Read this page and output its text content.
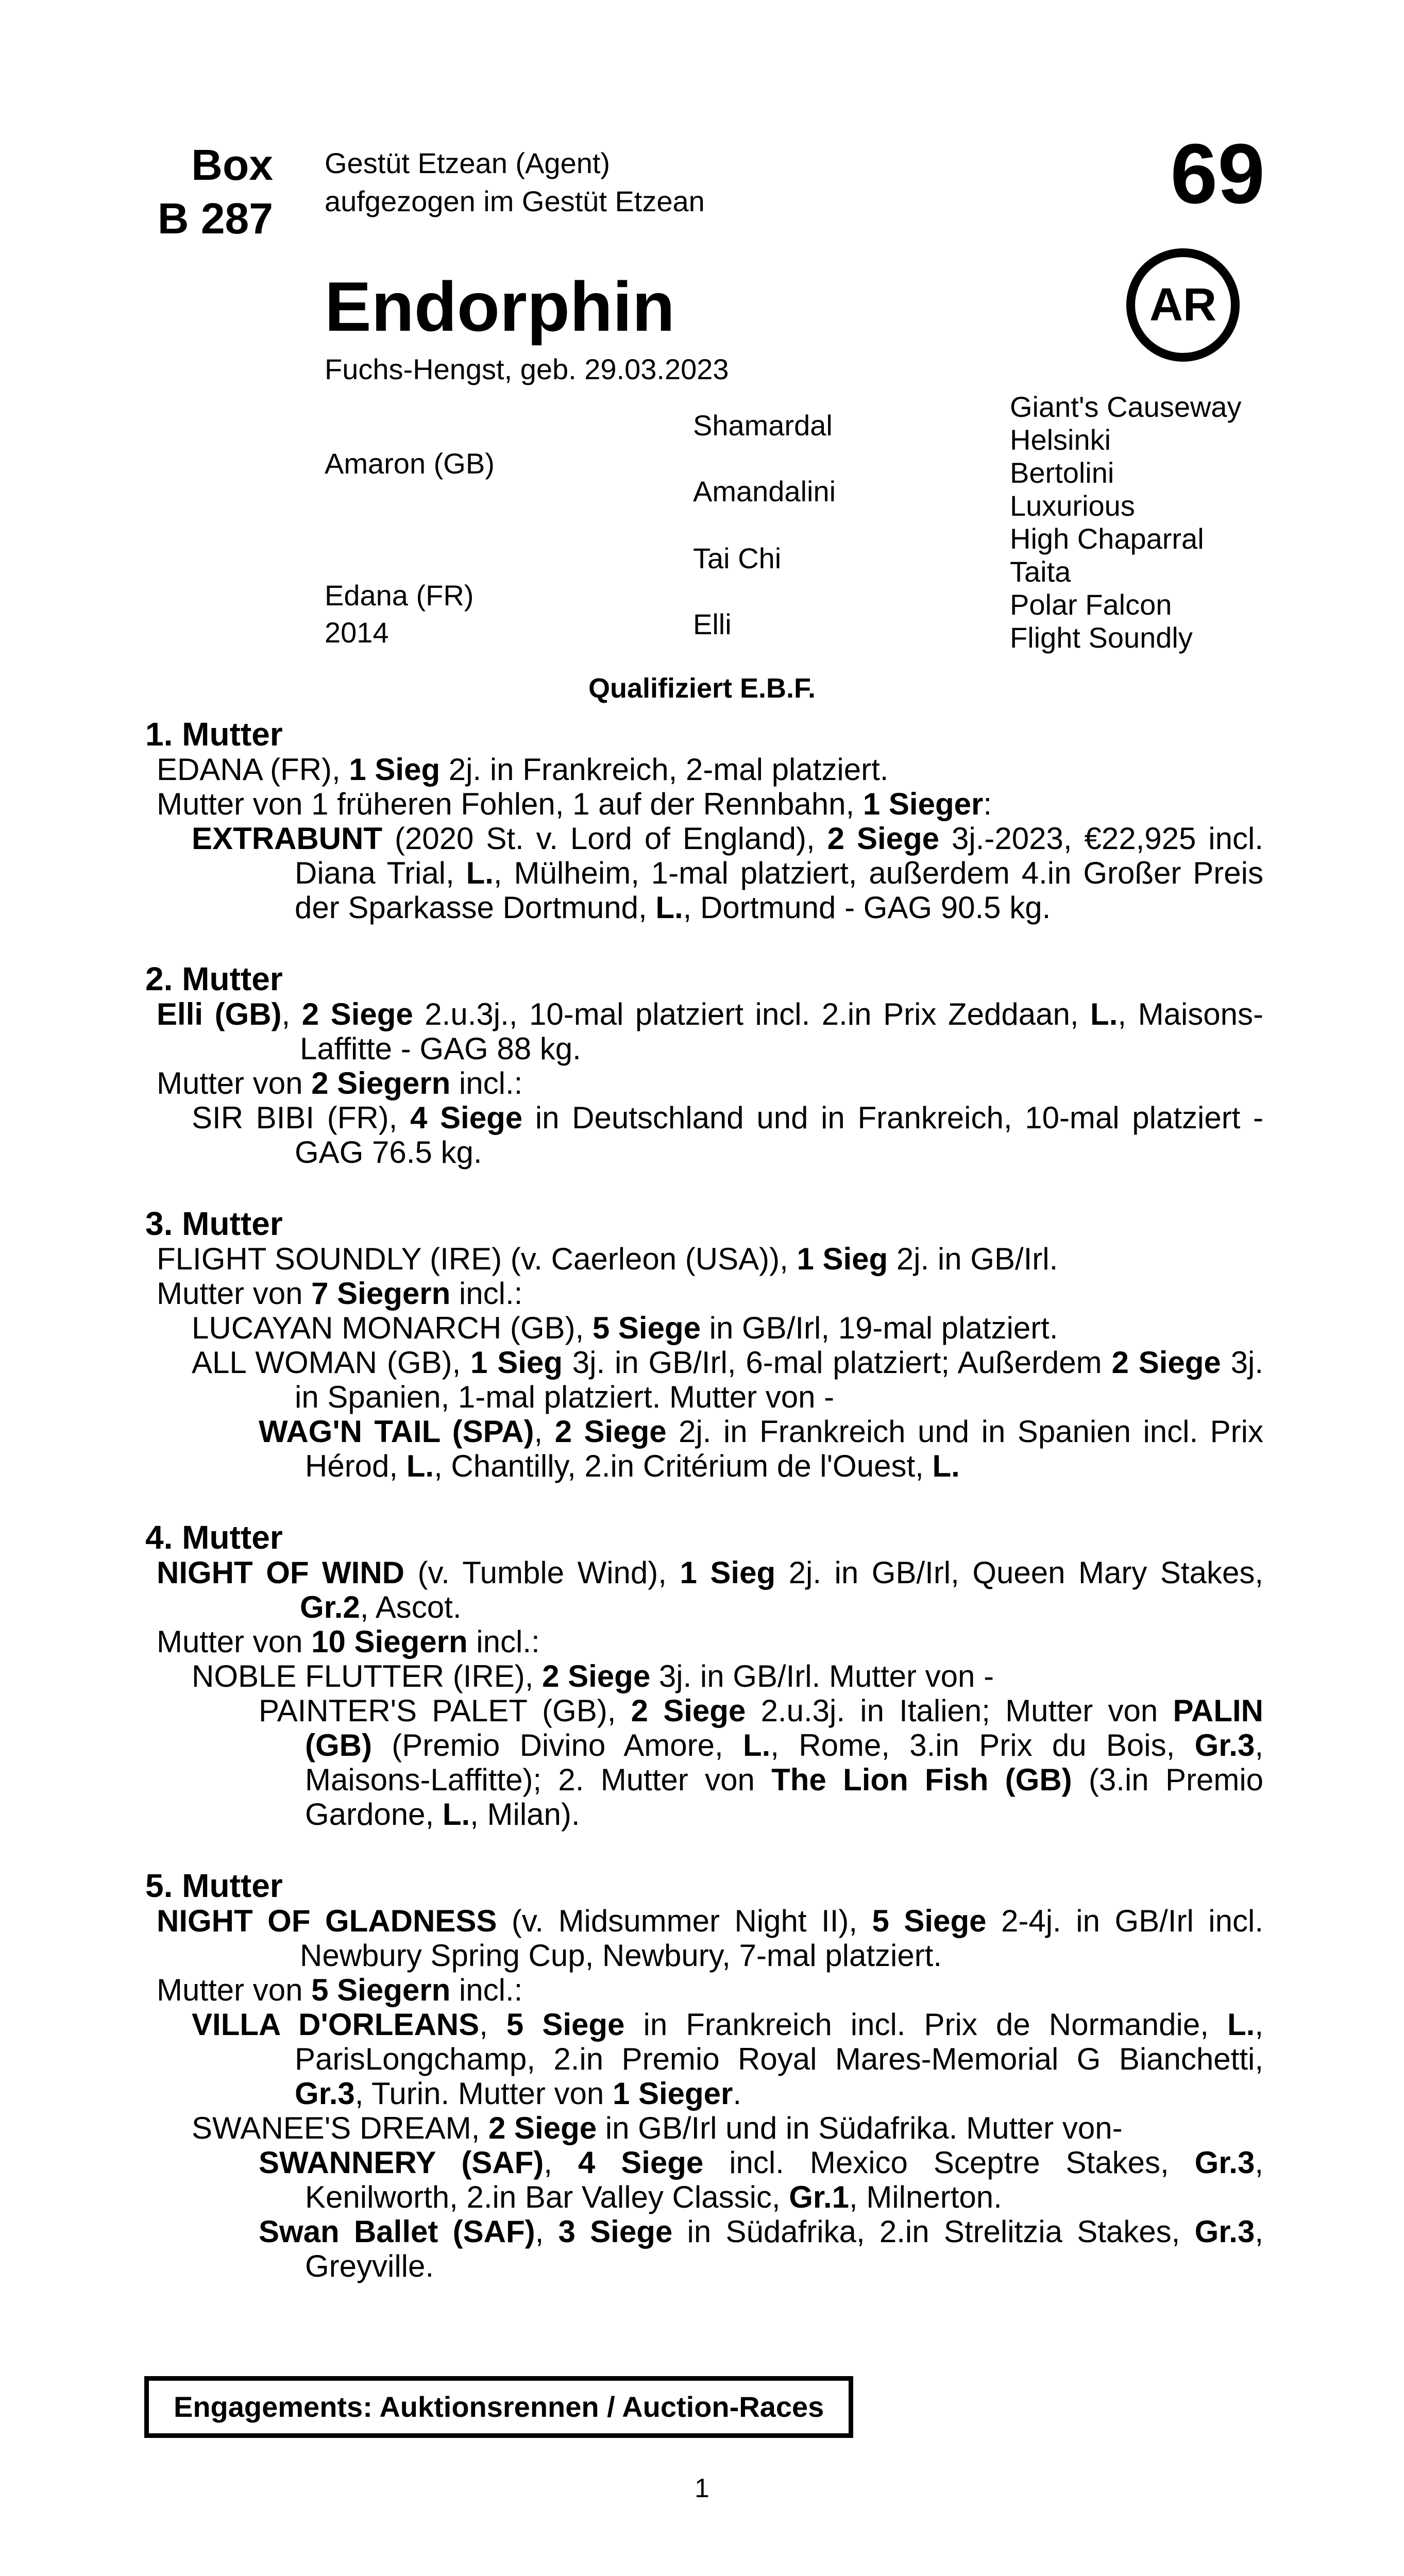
Box
B 287
Gestüt Etzean (Agent)
aufgezogen im Gestüt Etzean	69
Endorphin	AR
Fuchs-Hengst, geb. 29.03.2023
Amaron (GB)
Edana (FR)
2014
Shamardal
Amandalini
Tai Chi
Elli
Giant's Causeway
Helsinki
Bertolini
Luxurious
High Chaparral
Taita
Polar Falcon
Flight Soundly
Qualifiziert E.B.F.
1. Mutter

EDANA (FR), 1 Sieg 2j. in Frankreich, 2-mal platziert.

Mutter von 1 früheren Fohlen, 1 auf der Rennbahn, 1 Sieger:

EXTRABUNT (2020 St. v. Lord of England), 2 Siege 3j.-2023, €22,925 incl. Diana Trial, L., Mülheim, 1-mal platziert, außerdem 4.in Großer Preis der Sparkasse Dortmund, L., Dortmund - GAG 90.5 kg.

2. Mutter

Elli (GB), 2 Siege 2.u.3j., 10-mal platziert incl. 2.in Prix Zeddaan, L., Maisons-Laffitte - GAG 88 kg.

Mutter von 2 Siegern incl.:

SIR BIBI (FR), 4 Siege in Deutschland und in Frankreich, 10-mal platziert - GAG 76.5 kg.

3. Mutter

FLIGHT SOUNDLY (IRE) (v. Caerleon (USA)), 1 Sieg 2j. in GB/Irl.

Mutter von 7 Siegern incl.:

LUCAYAN MONARCH (GB), 5 Siege in GB/Irl, 19-mal platziert.

ALL WOMAN (GB), 1 Sieg 3j. in GB/Irl, 6-mal platziert; Außerdem 2 Siege 3j. in Spanien, 1-mal platziert. Mutter von -

WAG'N TAIL (SPA), 2 Siege 2j. in Frankreich und in Spanien incl. Prix Hérod, L., Chantilly, 2.in Critérium de l'Ouest, L.

4. Mutter

NIGHT OF WIND (v. Tumble Wind), 1 Sieg 2j. in GB/Irl, Queen Mary Stakes, Gr.2, Ascot.

Mutter von 10 Siegern incl.:

NOBLE FLUTTER (IRE), 2 Siege 3j. in GB/Irl. Mutter von -

PAINTER'S PALET (GB), 2 Siege 2.u.3j. in Italien; Mutter von PALIN (GB) (Premio Divino Amore, L., Rome, 3.in Prix du Bois, Gr.3, Maisons-Laffitte); 2. Mutter von The Lion Fish (GB) (3.in Premio Gardone, L., Milan).

5. Mutter

NIGHT OF GLADNESS (v. Midsummer Night II), 5 Siege 2-4j. in GB/Irl incl. Newbury Spring Cup, Newbury, 7-mal platziert.

Mutter von 5 Siegern incl.:

VILLA D'ORLEANS, 5 Siege in Frankreich incl. Prix de Normandie, L., ParisLongchamp, 2.in Premio Royal Mares-Memorial G Bianchetti, Gr.3, Turin. Mutter von 1 Sieger.

SWANEE'S DREAM, 2 Siege in GB/Irl und in Südafrika. Mutter von-

SWANNERY (SAF), 4 Siege incl. Mexico Sceptre Stakes, Gr.3, Kenilworth, 2.in Bar Valley Classic, Gr.1, Milnerton.

Swan Ballet (SAF), 3 Siege in Südafrika, 2.in Strelitzia Stakes, Gr.3, Greyville.

Engagements: Auktionsrennen / Auction-Races
1
